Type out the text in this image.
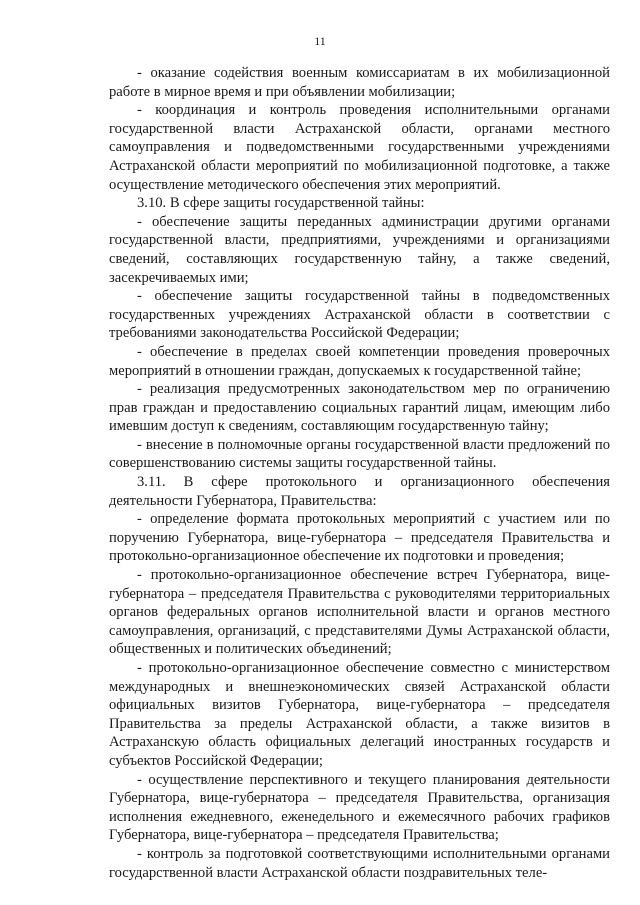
11

- оказание содействия военным комиссариатам в их мобилизационной работе в мирное время и при объявлении мобилизации;

- координация и контроль проведения исполнительными органами государственной власти Астраханской области, органами местного самоуправления и подведомственными государственными учреждениями Астраханской области мероприятий по мобилизационной подготовке, а также осуществление методического обеспечения этих мероприятий.

3.10. В сфере защиты государственной тайны:

- обеспечение защиты переданных администрации другими органами государственной власти, предприятиями, учреждениями и организациями сведений, составляющих государственную тайну, а также сведений, засекречиваемых ими;

- обеспечение защиты государственной тайны в подведомственных государственных учреждениях Астраханской области в соответствии с требованиями законодательства Российской Федерации;

- обеспечение в пределах своей компетенции проведения проверочных мероприятий в отношении граждан, допускаемых к государственной тайне;

- реализация предусмотренных законодательством мер по ограничению прав граждан и предоставлению социальных гарантий лицам, имеющим либо имевшим доступ к сведениям, составляющим государственную тайну;

- внесение в полномочные органы государственной власти предложений по совершенствованию системы защиты государственной тайны.

3.11. В сфере протокольного и организационного обеспечения деятельности Губернатора, Правительства:

- определение формата протокольных мероприятий с участием или по поручению Губернатора, вице-губернатора – председателя Правительства и протокольно-организационное обеспечение их подготовки и проведения;

- протокольно-организационное обеспечение встреч Губернатора, вице-губернатора – председателя Правительства с руководителями территориальных органов федеральных органов исполнительной власти и органов местного самоуправления, организаций, с представителями Думы Астраханской области, общественных и политических объединений;

- протокольно-организационное обеспечение совместно с министерством международных и внешнеэкономических связей Астраханской области официальных визитов Губернатора, вице-губернатора – председателя Правительства за пределы Астраханской области, а также визитов в Астраханскую область официальных делегаций иностранных государств и субъектов Российской Федерации;

- осуществление перспективного и текущего планирования деятельности Губернатора, вице-губернатора – председателя Правительства, организация исполнения ежедневного, еженедельного и ежемесячного рабочих графиков Губернатора, вице-губернатора – председателя Правительства;

- контроль за подготовкой соответствующими исполнительными органами государственной власти Астраханской области поздравительных теле-
